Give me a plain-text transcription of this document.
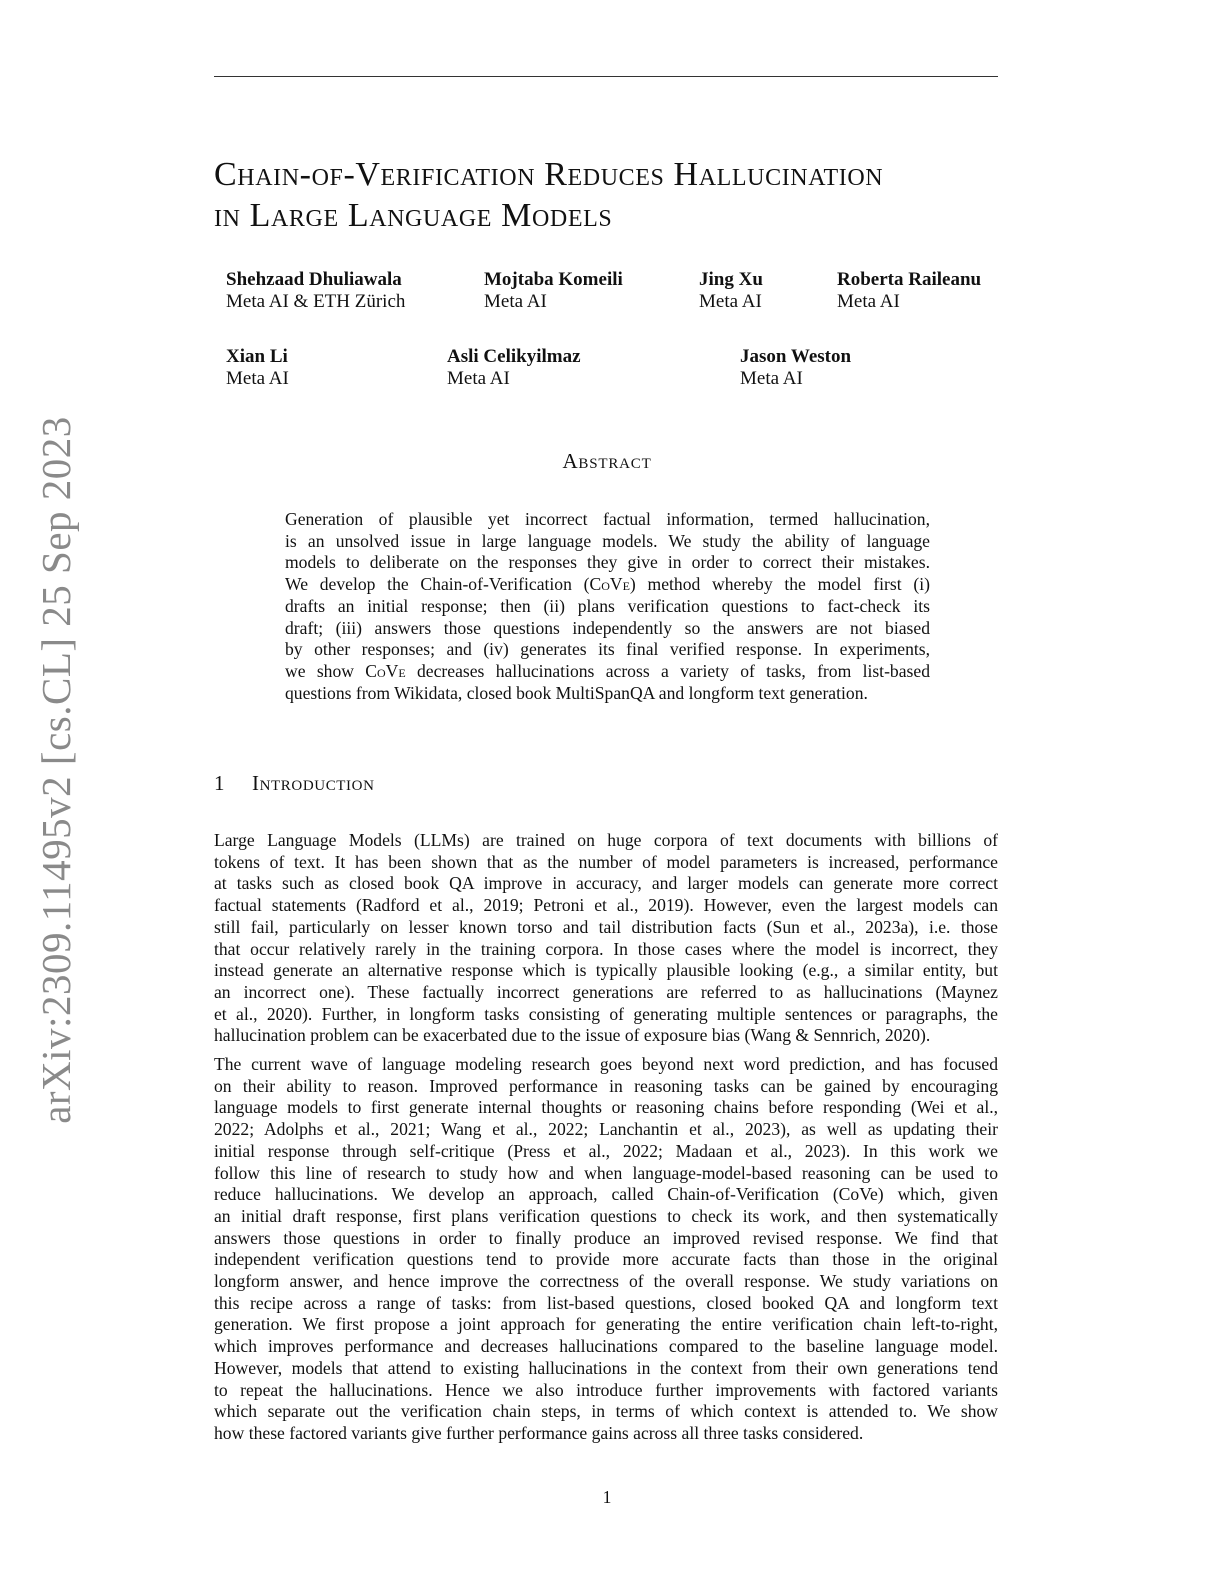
arXiv:2309.11495v2 [cs.CL] 25 Sep 2023
Chain-of-Verification Reduces Hallucination
in Large Language Models
Shehzaad Dhuliawala
Meta AI & ETH Zürich
Mojtaba Komeili
Meta AI
Jing Xu
Meta AI
Roberta Raileanu
Meta AI
Xian Li
Meta AI
Asli Celikyilmaz
Meta AI
Jason Weston
Meta AI
Abstract
Generation of plausible yet incorrect factual information, termed hallucination,
is an unsolved issue in large language models. We study the ability of language
models to deliberate on the responses they give in order to correct their mistakes.
We develop the Chain-of-Verification (CoVe) method whereby the model first (i)
drafts an initial response; then (ii) plans verification questions to fact-check its
draft; (iii) answers those questions independently so the answers are not biased
by other responses; and (iv) generates its final verified response. In experiments,
we show CoVe decreases hallucinations across a variety of tasks, from list-based
questions from Wikidata, closed book MultiSpanQA and longform text generation.
1 Introduction
Large Language Models (LLMs) are trained on huge corpora of text documents with billions of
tokens of text. It has been shown that as the number of model parameters is increased, performance
at tasks such as closed book QA improve in accuracy, and larger models can generate more correct
factual statements (Radford et al., 2019; Petroni et al., 2019). However, even the largest models can
still fail, particularly on lesser known torso and tail distribution facts (Sun et al., 2023a), i.e. those
that occur relatively rarely in the training corpora. In those cases where the model is incorrect, they
instead generate an alternative response which is typically plausible looking (e.g., a similar entity, but
an incorrect one). These factually incorrect generations are referred to as hallucinations (Maynez
et al., 2020). Further, in longform tasks consisting of generating multiple sentences or paragraphs, the
hallucination problem can be exacerbated due to the issue of exposure bias (Wang & Sennrich, 2020).
The current wave of language modeling research goes beyond next word prediction, and has focused
on their ability to reason. Improved performance in reasoning tasks can be gained by encouraging
language models to first generate internal thoughts or reasoning chains before responding (Wei et al.,
2022; Adolphs et al., 2021; Wang et al., 2022; Lanchantin et al., 2023), as well as updating their
initial response through self-critique (Press et al., 2022; Madaan et al., 2023). In this work we
follow this line of research to study how and when language-model-based reasoning can be used to
reduce hallucinations. We develop an approach, called Chain-of-Verification (CoVe) which, given
an initial draft response, first plans verification questions to check its work, and then systematically
answers those questions in order to finally produce an improved revised response. We find that
independent verification questions tend to provide more accurate facts than those in the original
longform answer, and hence improve the correctness of the overall response. We study variations on
this recipe across a range of tasks: from list-based questions, closed booked QA and longform text
generation. We first propose a joint approach for generating the entire verification chain left-to-right,
which improves performance and decreases hallucinations compared to the baseline language model.
However, models that attend to existing hallucinations in the context from their own generations tend
to repeat the hallucinations. Hence we also introduce further improvements with factored variants
which separate out the verification chain steps, in terms of which context is attended to. We show
how these factored variants give further performance gains across all three tasks considered.
1
